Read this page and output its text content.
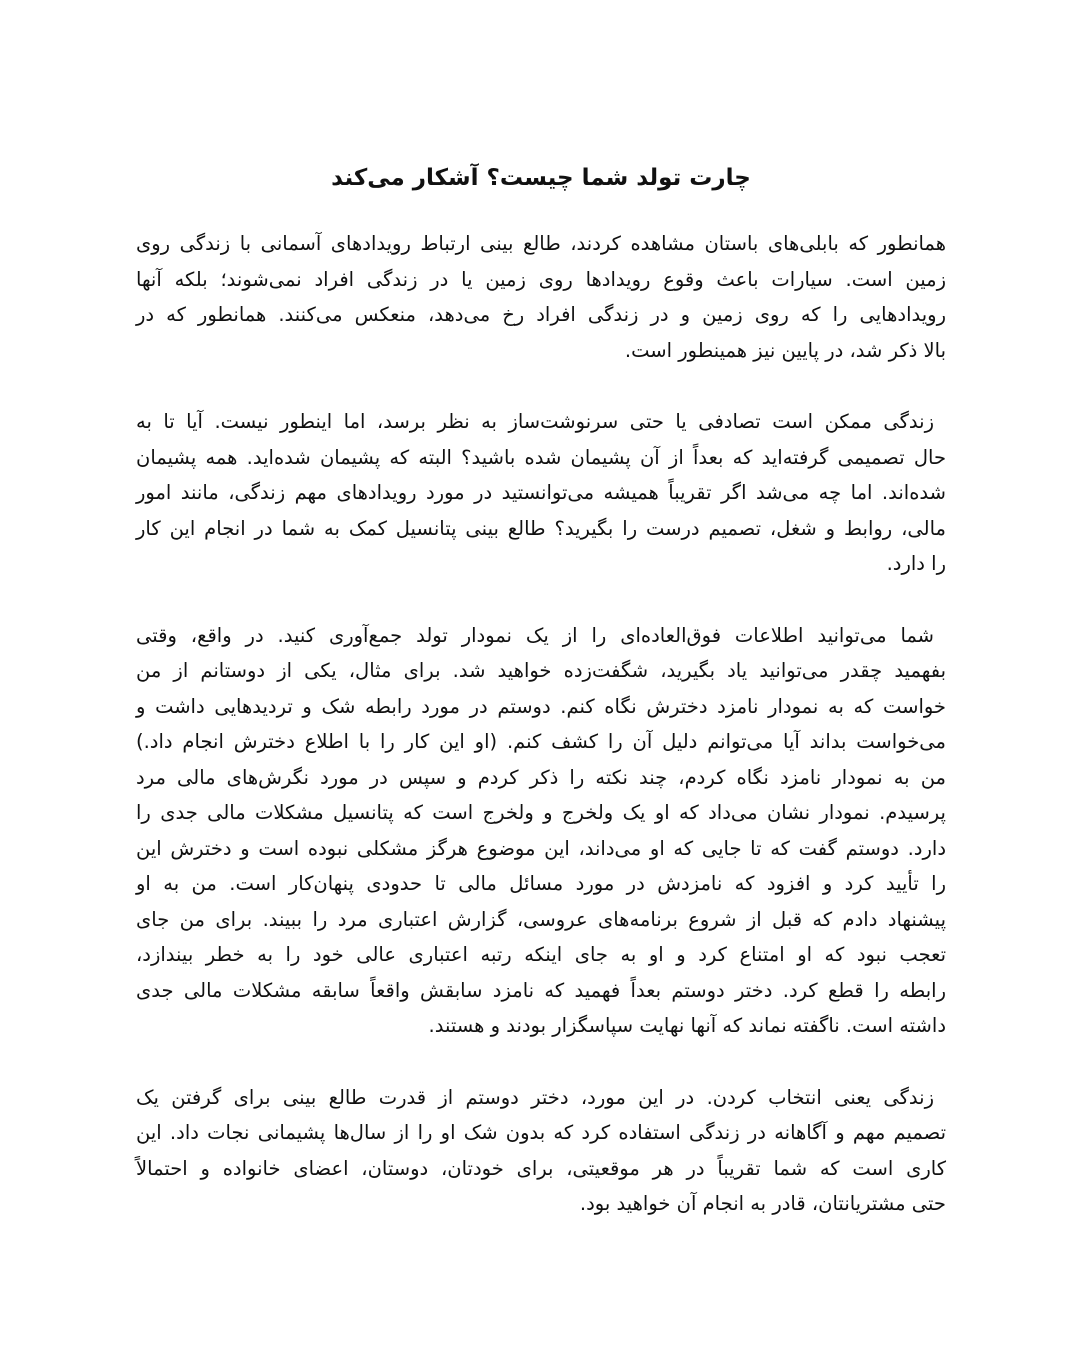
چارت تولد شما چیست؟ آشکار می‌کند
همانطور که بابلی‌های باستان مشاهده کردند، طالع بینی ارتباط رویدادهای آسمانی با زندگی روی
زمین است. سیارات باعث وقوع رویدادها روی زمین یا در زندگی افراد نمی‌شوند؛ بلکه آنها
رویدادهایی را که روی زمین و در زندگی افراد رخ می‌دهد، منعکس می‌کنند. همانطور که در
بالا ذکر شد، در پایین نیز همینطور است.
زندگی ممکن است تصادفی یا حتی سرنوشت‌ساز به نظر برسد، اما اینطور نیست. آیا تا به
حال تصمیمی گرفته‌اید که بعداً از آن پشیمان شده باشید؟ البته که پشیمان شده‌اید. همه پشیمان
شده‌اند. اما چه می‌شد اگر تقریباً همیشه می‌توانستید در مورد رویدادهای مهم زندگی، مانند امور
مالی، روابط و شغل، تصمیم درست را بگیرید؟ طالع بینی پتانسیل کمک به شما در انجام این کار
را دارد.
شما می‌توانید اطلاعات فوق‌العاده‌ای را از یک نمودار تولد جمع‌آوری کنید. در واقع، وقتی
بفهمید چقدر می‌توانید یاد بگیرید، شگفت‌زده خواهید شد. برای مثال، یکی از دوستانم از من
خواست که به نمودار نامزد دخترش نگاه کنم. دوستم در مورد رابطه شک و تردیدهایی داشت و
می‌خواست بداند آیا می‌توانم دلیل آن را کشف کنم. (او این کار را با اطلاع دخترش انجام داد.)
من به نمودار نامزد نگاه کردم، چند نکته را ذکر کردم و سپس در مورد نگرش‌های مالی مرد
پرسیدم. نمودار نشان می‌داد که او یک ولخرج و ولخرج است که پتانسیل مشکلات مالی جدی را
دارد. دوستم گفت که تا جایی که او می‌داند، این موضوع هرگز مشکلی نبوده است و دخترش این
را تأیید کرد و افزود که نامزدش در مورد مسائل مالی تا حدودی پنهان‌کار است. من به او
پیشنهاد دادم که قبل از شروع برنامه‌های عروسی، گزارش اعتباری مرد را ببیند. برای من جای
تعجب نبود که او امتناع کرد و او به جای اینکه رتبه اعتباری عالی خود را به خطر بیندازد،
رابطه را قطع کرد. دختر دوستم بعداً فهمید که نامزد سابقش واقعاً سابقه مشکلات مالی جدی
داشته است. ناگفته نماند که آنها نهایت سپاسگزار بودند و هستند.
زندگی یعنی انتخاب کردن. در این مورد، دختر دوستم از قدرت طالع بینی برای گرفتن یک
تصمیم مهم و آگاهانه در زندگی استفاده کرد که بدون شک او را از سال‌ها پشیمانی نجات داد. این
کاری است که شما تقریباً در هر موقعیتی، برای خودتان، دوستان، اعضای خانواده و احتمالاً
حتی مشتریانتان، قادر به انجام آن خواهید بود.
